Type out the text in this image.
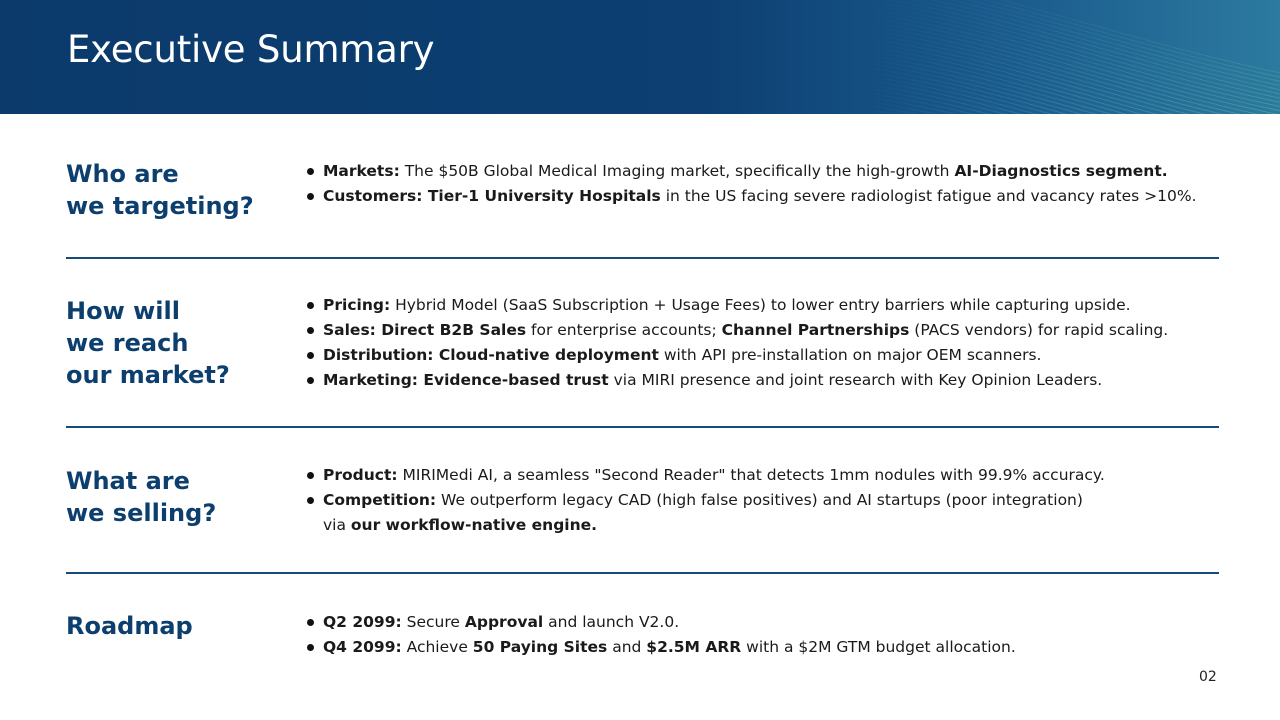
Executive Summary
Who are
we targeting?
Markets: The $50B Global Medical Imaging market, specifically the high-growth AI-Diagnostics segment.
Customers: Tier-1 University Hospitals in the US facing severe radiologist fatigue and vacancy rates >10%.
How will
we reach
our market?
Pricing: Hybrid Model (SaaS Subscription + Usage Fees) to lower entry barriers while capturing upside.
Sales: Direct B2B Sales for enterprise accounts; Channel Partnerships (PACS vendors) for rapid scaling.
Distribution: Cloud-native deployment with API pre-installation on major OEM scanners.
Marketing: Evidence-based trust via MIRI presence and joint research with Key Opinion Leaders.
What are
we selling?
Product: MIRIMedi AI, a seamless "Second Reader" that detects 1mm nodules with 99.9% accuracy.
Competition: We outperform legacy CAD (high false positives) and AI startups (poor integration)
via our workflow-native engine.
Roadmap	Q2 2099: Secure Approval and launch V2.0.
Q4 2099: Achieve 50 Paying Sites and $2.5M ARR with a $2M GTM budget allocation.
02
